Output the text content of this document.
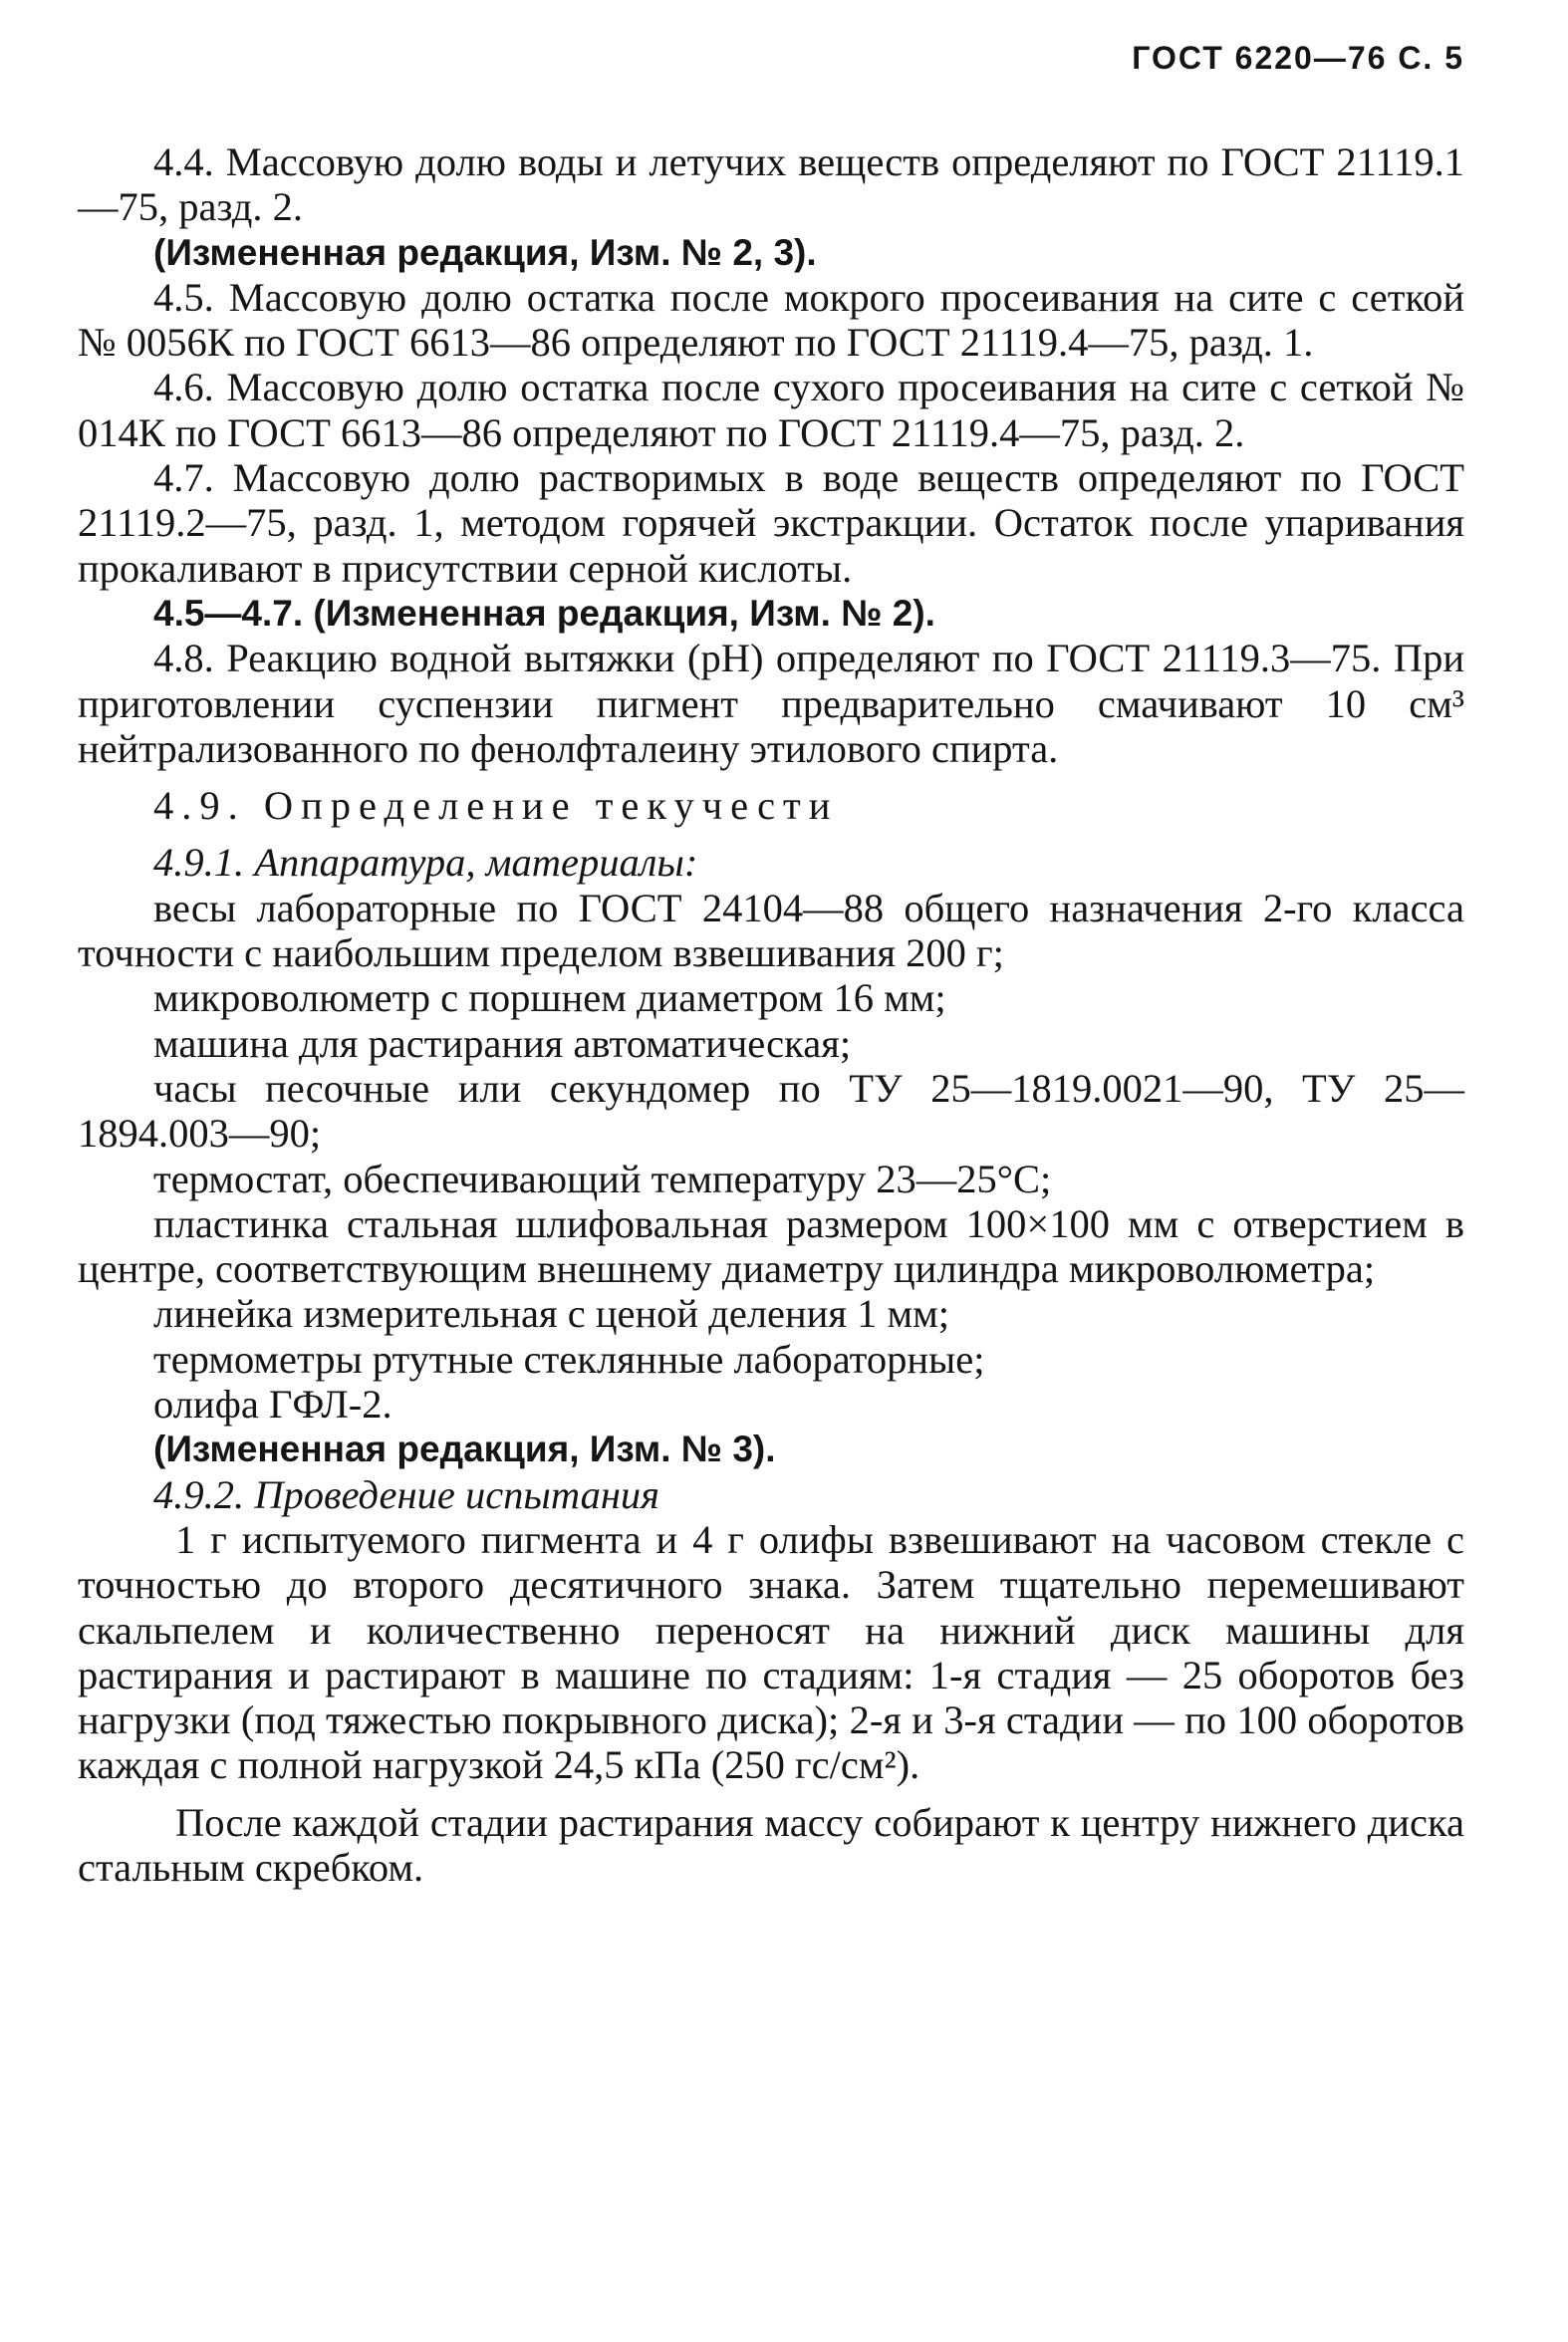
ГОСТ 6220—76 С. 5

4.4. Массовую долю воды и летучих веществ определяют по ГОСТ 21119.1—75, разд. 2.

(Измененная редакция, Изм. № 2, 3).

4.5. Массовую долю остатка после мокрого просеивания на сите с сеткой № 0056К по ГОСТ 6613—86 определяют по ГОСТ 21119.4—75, разд. 1.

4.6. Массовую долю остатка после сухого просеивания на сите с сеткой № 014К по ГОСТ 6613—86 определяют по ГОСТ 21119.4—75, разд. 2.

4.7. Массовую долю растворимых в воде веществ определяют по ГОСТ 21119.2—75, разд. 1, методом горячей экстракции. Остаток после упаривания прокаливают в присутствии серной кислоты.

4.5—4.7. (Измененная редакция, Изм. № 2).

4.8. Реакцию водной вытяжки (рН) определяют по ГОСТ 21119.3—75. При приготовлении суспензии пигмент предварительно смачивают 10 см³ нейтрализованного по фенолфталеину этилового спирта.

4.9. Определение текучести

4.9.1. Аппаратура, материалы:

весы лабораторные по ГОСТ 24104—88 общего назначения 2-го класса точности с наибольшим пределом взвешивания 200 г;

микроволюметр с поршнем диаметром 16 мм;

машина для растирания автоматическая;

часы песочные или секундомер по ТУ 25—1819.0021—90, ТУ 25—1894.003—90;

термостат, обеспечивающий температуру 23—25°С;

пластинка стальная шлифовальная размером 100×100 мм с отверстием в центре, соответствующим внешнему диаметру цилиндра микроволюметра;

линейка измерительная с ценой деления 1 мм;

термометры ртутные стеклянные лабораторные;

олифа ГФЛ-2.

(Измененная редакция, Изм. № 3).

4.9.2. Проведение испытания

1 г испытуемого пигмента и 4 г олифы взвешивают на часовом стекле с точностью до второго десятичного знака. Затем тщательно перемешивают скальпелем и количественно переносят на нижний диск машины для растирания и растирают в машине по стадиям: 1-я стадия — 25 оборотов без нагрузки (под тяжестью покрывного диска); 2-я и 3-я стадии — по 100 оборотов каждая с полной нагрузкой 24,5 кПа (250 гс/см²).

После каждой стадии растирания массу собирают к центру нижнего диска стальным скребком.
